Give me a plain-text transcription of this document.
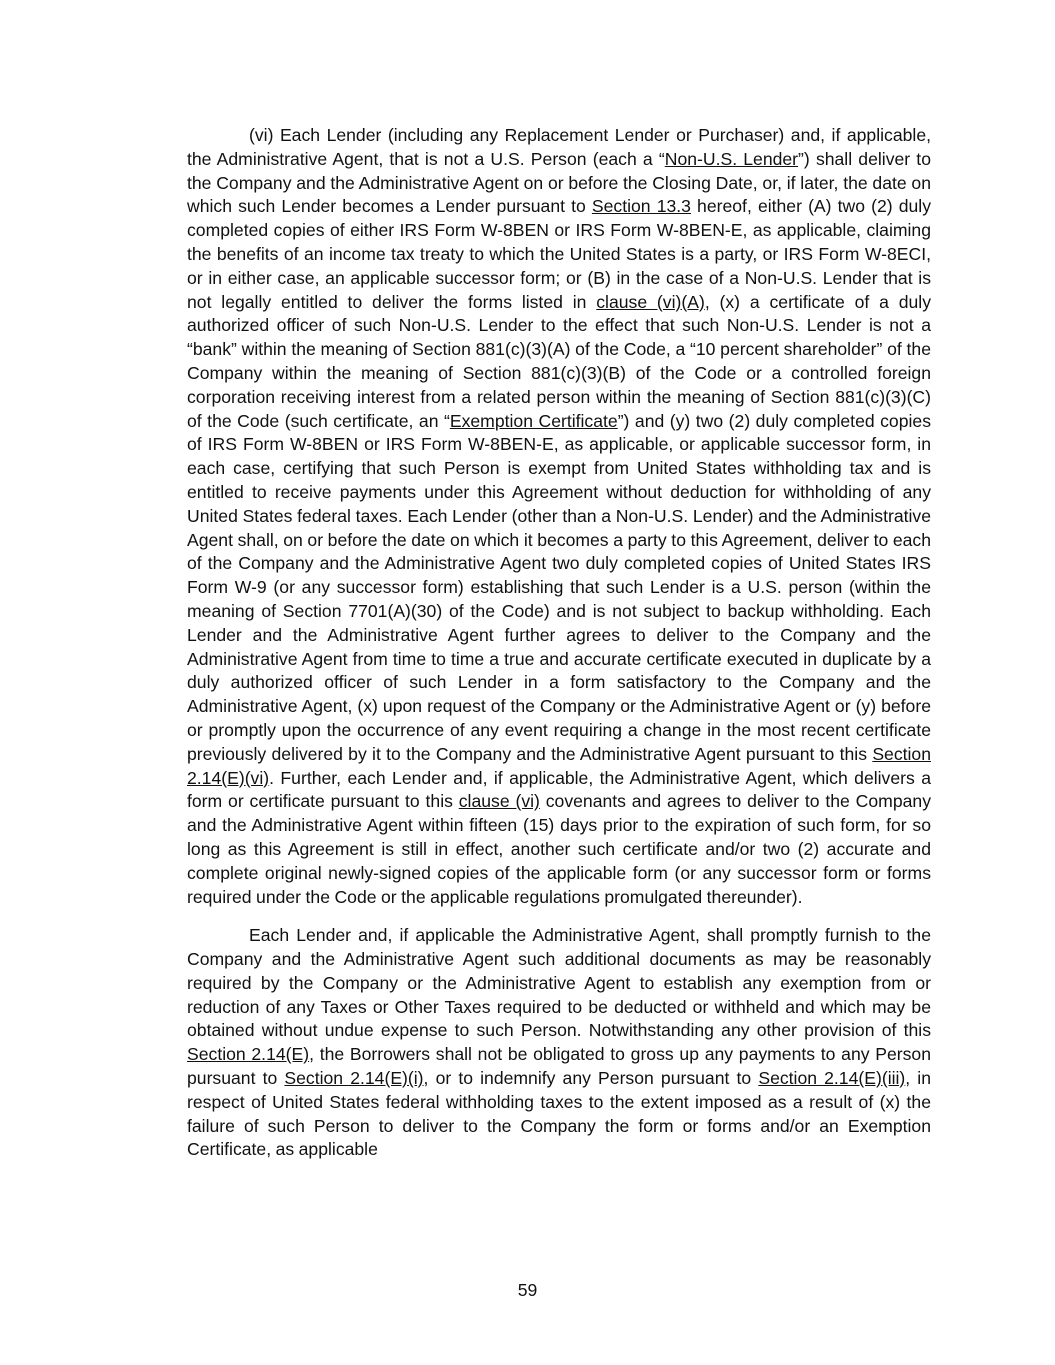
(vi) Each Lender (including any Replacement Lender or Purchaser) and, if applicable, the Administrative Agent, that is not a U.S. Person (each a “Non-U.S. Lender”) shall deliver to the Company and the Administrative Agent on or before the Closing Date, or, if later, the date on which such Lender becomes a Lender pursuant to Section 13.3 hereof, either (A) two (2) duly completed copies of either IRS Form W-8BEN or IRS Form W-8BEN-E, as applicable, claiming the benefits of an income tax treaty to which the United States is a party, or IRS Form W-8ECI, or in either case, an applicable successor form; or (B) in the case of a Non-U.S. Lender that is not legally entitled to deliver the forms listed in clause (vi)(A), (x) a certificate of a duly authorized officer of such Non-U.S. Lender to the effect that such Non-U.S. Lender is not a “bank” within the meaning of Section 881(c)(3)(A) of the Code, a “10 percent shareholder” of the Company within the meaning of Section 881(c)(3)(B) of the Code or a controlled foreign corporation receiving interest from a related person within the meaning of Section 881(c)(3)(C) of the Code (such certificate, an “Exemption Certificate”) and (y) two (2) duly completed copies of IRS Form W-8BEN or IRS Form W-8BEN-E, as applicable, or applicable successor form, in each case, certifying that such Person is exempt from United States withholding tax and is entitled to receive payments under this Agreement without deduction for withholding of any United States federal taxes. Each Lender (other than a Non-U.S. Lender) and the Administrative Agent shall, on or before the date on which it becomes a party to this Agreement, deliver to each of the Company and the Administrative Agent two duly completed copies of United States IRS Form W-9 (or any successor form) establishing that such Lender is a U.S. person (within the meaning of Section 7701(A)(30) of the Code) and is not subject to backup withholding. Each Lender and the Administrative Agent further agrees to deliver to the Company and the Administrative Agent from time to time a true and accurate certificate executed in duplicate by a duly authorized officer of such Lender in a form satisfactory to the Company and the Administrative Agent, (x) upon request of the Company or the Administrative Agent or (y) before or promptly upon the occurrence of any event requiring a change in the most recent certificate previously delivered by it to the Company and the Administrative Agent pursuant to this Section 2.14(E)(vi). Further, each Lender and, if applicable, the Administrative Agent, which delivers a form or certificate pursuant to this clause (vi) covenants and agrees to deliver to the Company and the Administrative Agent within fifteen (15) days prior to the expiration of such form, for so long as this Agreement is still in effect, another such certificate and/or two (2) accurate and complete original newly-signed copies of the applicable form (or any successor form or forms required under the Code or the applicable regulations promulgated thereunder).

Each Lender and, if applicable the Administrative Agent, shall promptly furnish to the Company and the Administrative Agent such additional documents as may be reasonably required by the Company or the Administrative Agent to establish any exemption from or reduction of any Taxes or Other Taxes required to be deducted or withheld and which may be obtained without undue expense to such Person. Notwithstanding any other provision of this Section 2.14(E), the Borrowers shall not be obligated to gross up any payments to any Person pursuant to Section 2.14(E)(i), or to indemnify any Person pursuant to Section 2.14(E)(iii), in respect of United States federal withholding taxes to the extent imposed as a result of (x) the failure of such Person to deliver to the Company the form or forms and/or an Exemption Certificate, as applicable

59
